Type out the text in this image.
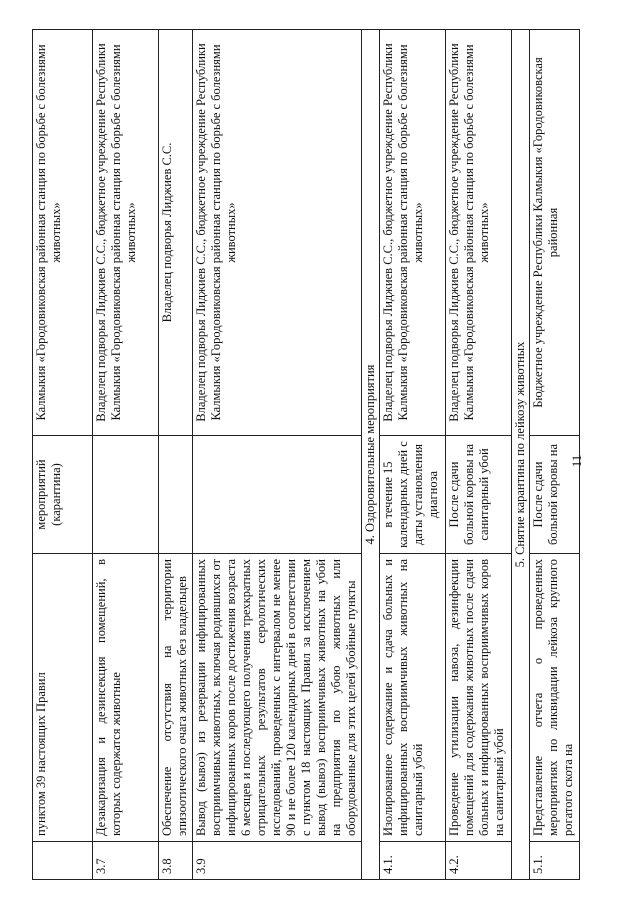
	пунктом 39 настоящих Правил	мероприятий (карантина)	Калмыкия «Городовиковская районная станция по борьбе с болезнями животных»
3.7	Дезакаризация и дезинсекция помещений, в которых содержатся животные		Владелец подворья Лиджиев С.С., бюджетное учреждение Республики Калмыкия «Городовиковская районная станция по борьбе с болезнями животных»
3.8	Обеспечение отсутствия на территории эпизоотического очага животных без владельцев		Владелец подворья Лиджиев С.С.
3.9	Вывод (вывоз) из резервации инфицированных восприимчивых животных, включая родившихся от инфицированных коров после достижения возраста 6 месяцев и последующего получения трехкратных отрицательных результатов серологических исследований, проведенных с интервалом не менее 90 и не более 120 календарных дней в соответствии с пунктом 18 настоящих Правил за исключением вывод (вывоз) восприимчивых животных на убой на предприятия по убою животных или оборудованные для этих целей убойные пункты		Владелец подворья Лиджиев С.С., бюджетное учреждение Республики Калмыкия «Городовиковская районная станция по борьбе с болезнями животных»
4. Оздоровительные мероприятия			
4.1.	Изолированное содержание и сдача больных и инфицированных восприимчивых животных на санитарный убой	в течение 15 календарных дней с даты установления диагноза	Владелец подворья Лиджиев С.С., бюджетное учреждение Республики Калмыкия «Городовиковская районная станция по борьбе с болезнями животных»
4.2.	Проведение утилизации навоза, дезинфекции помещений для содержания животных после сдачи больных и инфицированных восприимчивых коров на санитарный убой	После сдачи больной коровы на санитарный убой	Владелец подворья Лиджиев С.С., бюджетное учреждение Республики Калмыкия «Городовиковская районная станция по борьбе с болезнями животных»
5. Снятие карантина по лейкозу животных			
5.1.	Представление отчета о проведенных мероприятиях по ликвидации лейкоза крупного рогатого скота на	После сдачи больной коровы на	Бюджетное учреждение Республики Калмыкия «Городовиковская районная
11
